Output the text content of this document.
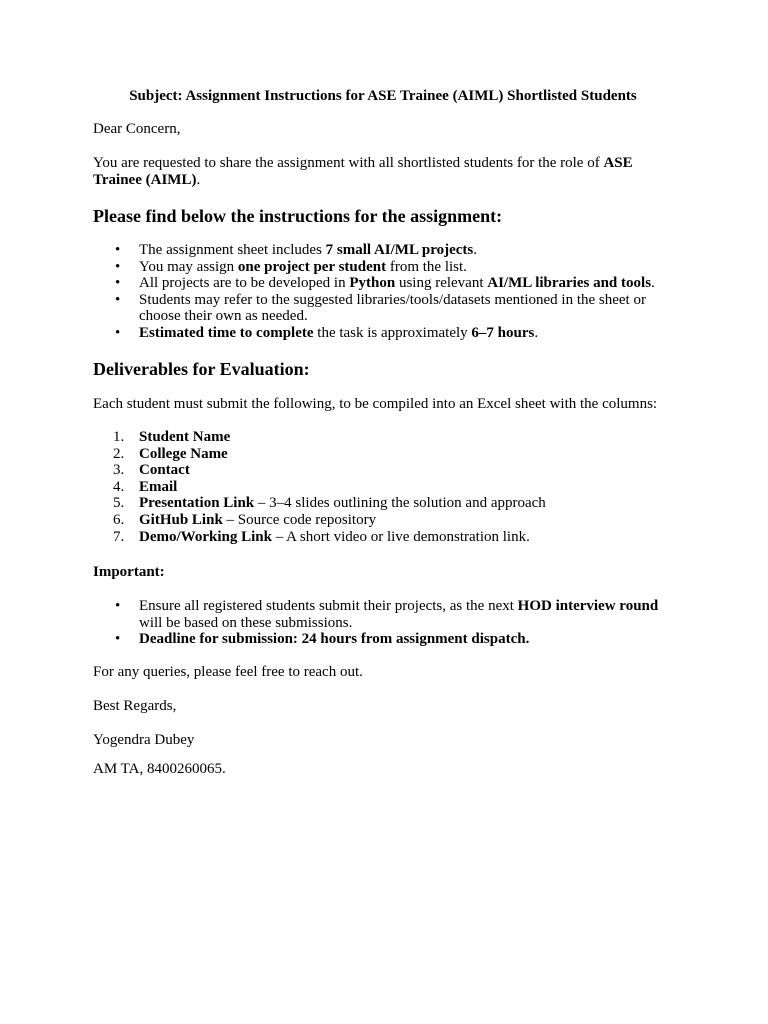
Subject: Assignment Instructions for ASE Trainee (AIML) Shortlisted Students
Dear Concern,
You are requested to share the assignment with all shortlisted students for the role of ASE Trainee (AIML).
Please find below the instructions for the assignment:
• The assignment sheet includes 7 small AI/ML projects.
• You may assign one project per student from the list.
• All projects are to be developed in Python using relevant AI/ML libraries and tools.
• Students may refer to the suggested libraries/tools/datasets mentioned in the sheet or choose their own as needed.
• Estimated time to complete the task is approximately 6–7 hours.
Deliverables for Evaluation:
Each student must submit the following, to be compiled into an Excel sheet with the columns:
1. Student Name
2. College Name
3. Contact
4. Email
5. Presentation Link – 3–4 slides outlining the solution and approach
6. GitHub Link – Source code repository
7. Demo/Working Link – A short video or live demonstration link.
Important:
• Ensure all registered students submit their projects, as the next HOD interview round will be based on these submissions.
• Deadline for submission: 24 hours from assignment dispatch.
For any queries, please feel free to reach out.
Best Regards,
Yogendra Dubey
AM TA, 8400260065.
